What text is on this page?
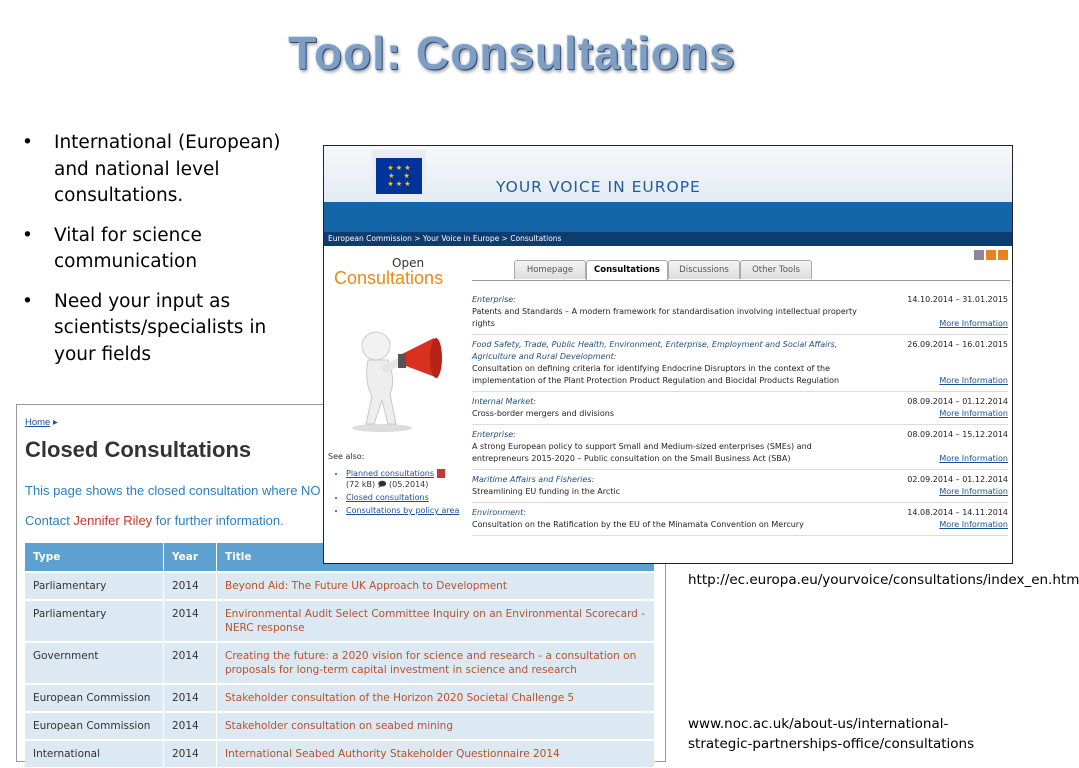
Tool: Consultations
• International (European) and national level consultations.
• Vital for science communication
• Need your input as scientists/specialists in your fields
Home ▸
Closed Consultations
This page shows the closed consultation where NO
Contact Jennifer Riley for further information.
Type	Year	Title
Parliamentary	2014	Beyond Aid: The Future UK Approach to Development
Parliamentary	2014	Environmental Audit Select Committee Inquiry on an Environmental Scorecard - NERC response
Government	2014	Creating the future: a 2020 vision for science and research - a consultation on proposals for long-term capital investment in science and research
European Commission	2014	Stakeholder consultation of the Horizon 2020 Societal Challenge 5
European Commission	2014	Stakeholder consultation on seabed mining
International	2014	International Seabed Authority Stakeholder Questionnaire 2014
★ ★ ★
★    ★
★ ★ ★	YOUR VOICE IN EUROPE
European Commission > Your Voice in Europe > Consultations
Open
Consultations
See also:
• Planned consultations
(72 kB) 🗩 (05.2014)
• Closed consultations
• Consultations by policy area
Homepage	Consultations	Discussions	Other Tools
Enterprise:
Patents and Standards – A modern framework for standardisation involving intellectual property rights
14.10.2014 – 31.01.2015
More Information
Food Safety, Trade, Public Health, Environment, Enterprise, Employment and Social Affairs, Agriculture and Rural Development:
Consultation on defining criteria for identifying Endocrine Disruptors in the context of the implementation of the Plant Protection Product Regulation and Biocidal Products Regulation
26.09.2014 – 16.01.2015
More Information
Internal Market:
Cross-border mergers and divisions
08.09.2014 – 01.12.2014
More Information
Enterprise:
A strong European policy to support Small and Medium-sized enterprises (SMEs) and entrepreneurs 2015-2020 – Public consultation on the Small Business Act (SBA)
08.09.2014 – 15.12.2014
More Information
Maritime Affairs and Fisheries:
Streamlining EU funding in the Arctic
02.09.2014 – 01.12.2014
More Information
Environment:
Consultation on the Ratification by the EU of the Minamata Convention on Mercury
14.08.2014 – 14.11.2014
More Information
http://ec.europa.eu/yourvoice/consultations/index_en.htm
www.noc.ac.uk/about-us/international-strategic-partnerships-office/consultations
